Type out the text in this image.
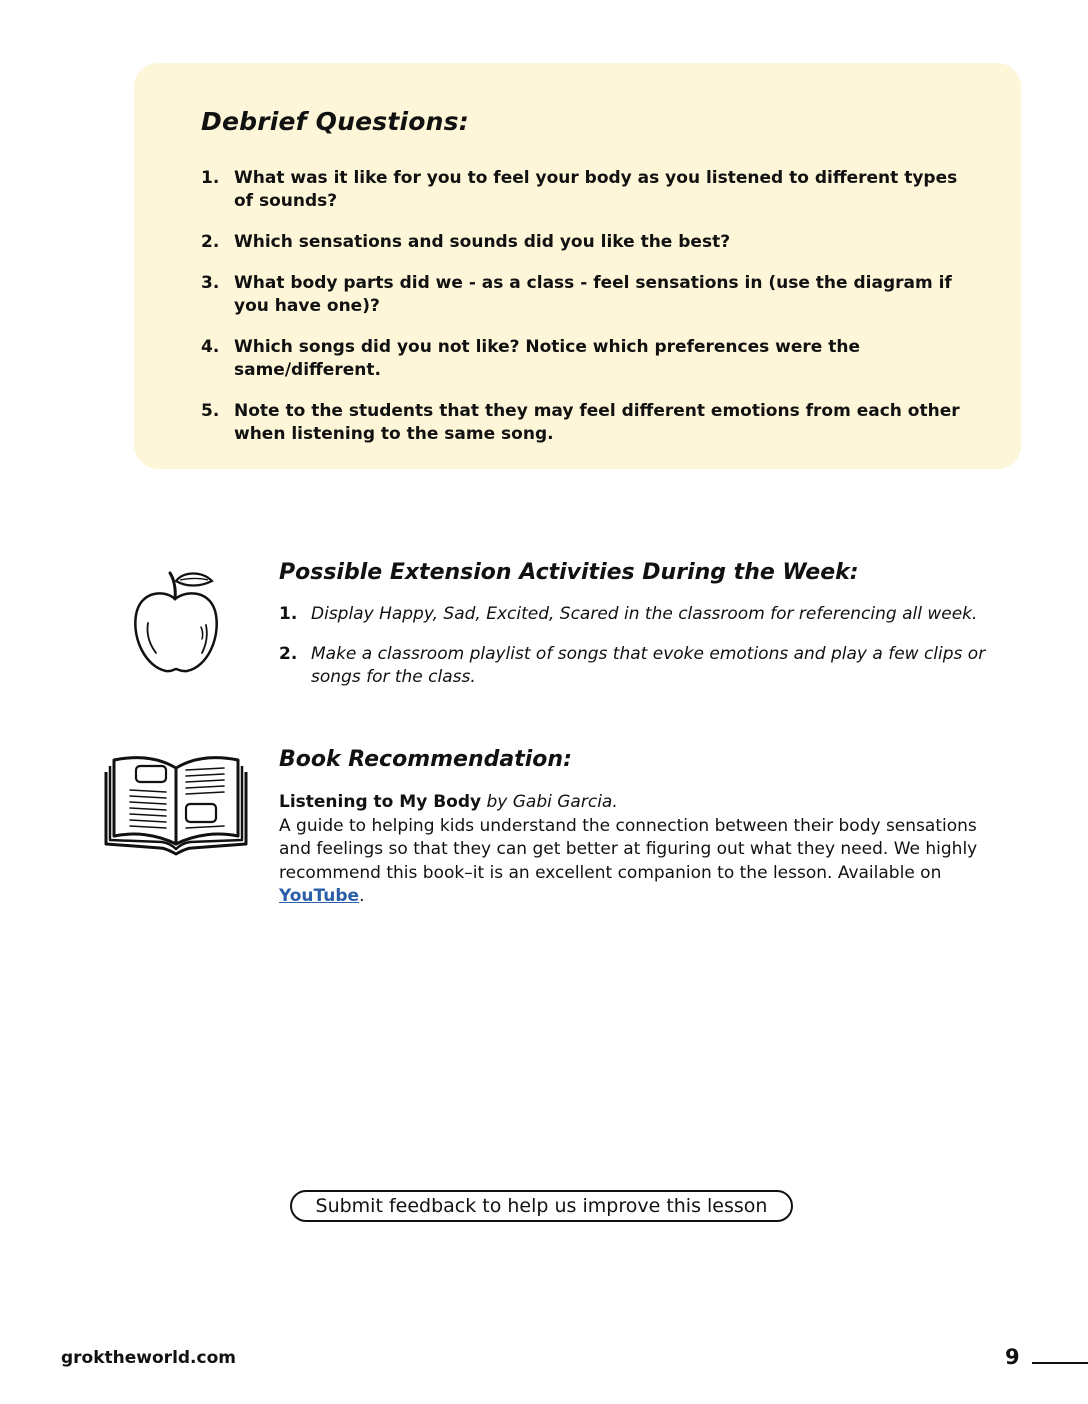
Debrief Questions:
1. What was it like for you to feel your body as you listened to different types of sounds?
2. Which sensations and sounds did you like the best?
3. What body parts did we - as a class - feel sensations in (use the diagram if you have one)?
4. Which songs did you not like? Notice which preferences were the same/different.
5. Note to the students that they may feel different emotions from each other when listening to the same song.
Possible Extension Activities During the Week:
1. Display Happy, Sad, Excited, Scared in the classroom for referencing all week.
2. Make a classroom playlist of songs that evoke emotions and play a few clips or songs for the class.
Book Recommendation:
Listening to My Body by Gabi Garcia.
A guide to helping kids understand the connection between their body sensations and feelings so that they can get better at figuring out what they need. We highly recommend this book–it is an excellent companion to the lesson. Available on YouTube.
Submit feedback to help us improve this lesson
groktheworld.com	9
